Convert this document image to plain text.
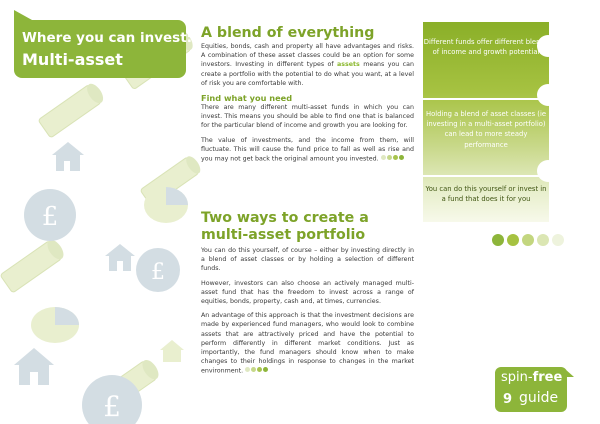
£
£
£
Where you can invest:
Multi-asset
A blend of everything

Equities, bonds, cash and property all have advantages and risks. A combination of these asset classes could be an option for some investors. Investing in different types of assets means you can create a portfolio with the potential to do what you want, at a level of risk you are comfortable with.

Find what you need

There are many different multi-asset funds in which you can invest. This means you should be able to find one that is balanced for the particular blend of income and growth you are looking for.

The value of investments, and the income from them, will fluctuate. This will cause the fund price to fall as well as rise and you may not get back the original amount you invested.

Two ways to create a multi-asset portfolio

You can do this yourself, of course – either by investing directly in a blend of asset classes or by holding a selection of different funds.

However, investors can also choose an actively managed multi-asset fund that has the freedom to invest across a range of equities, bonds, property, cash and, at times, currencies.

An advantage of this approach is that the investment decisions are made by experienced fund managers, who would look to combine assets that are attractively priced and have the potential to perform differently in different market conditions. Just as importantly, the fund managers should know when to make changes to their holdings in response to changes in the market environment.

Different funds offer different blends of income and growth potential
Holding a blend of asset classes (ie investing in a multi-asset portfolio) can lead to more steady performance
You can do this yourself or invest in a fund that does it for you
spin-free
9 guide
